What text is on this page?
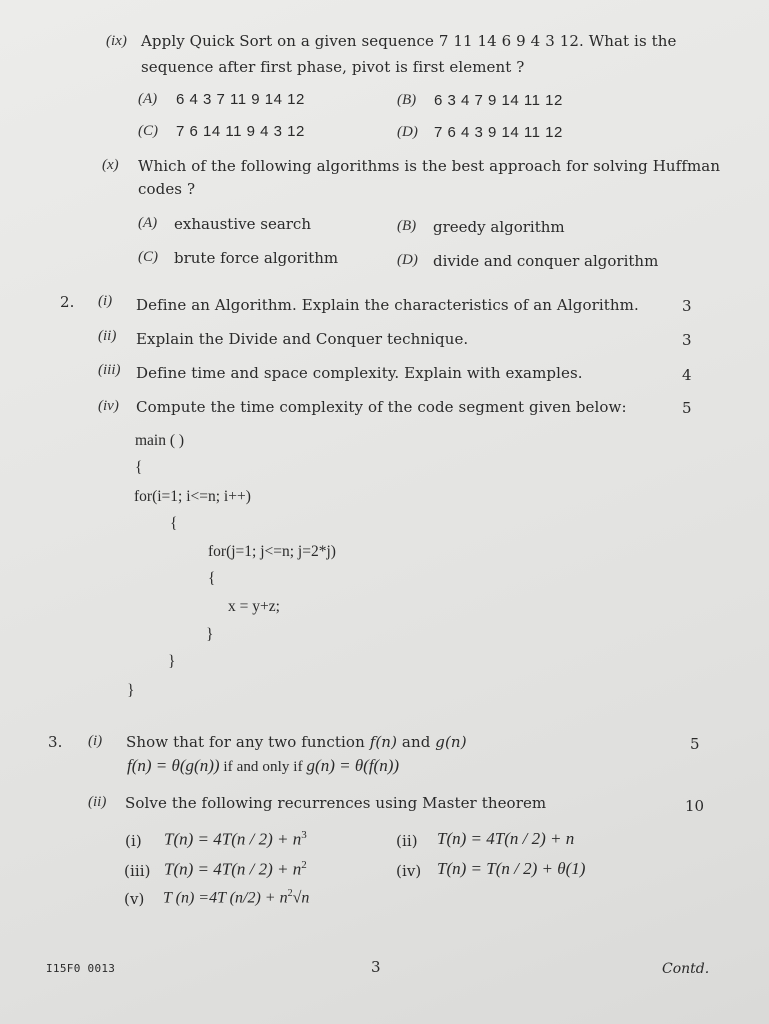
(ix) Apply Quick Sort on a given sequence 7 11 14 6 9 4 3 12. What is the
sequence after first phase, pivot is first element ?
(A) 6 4 3 7 11 9 14 12	(B) 6 3 4 7 9 14 11 12
(C) 7 6 14 11 9 4 3 12	(D) 7 6 4 3 9 14 11 12
(x) Which of the following algorithms is the best approach for solving Huffman
codes ?
(A) exhaustive search	(B) greedy algorithm
(C) brute force algorithm	(D) divide and conquer algorithm
2. (i) Define an Algorithm. Explain the characteristics of an Algorithm.	3
(ii) Explain the Divide and Conquer technique.	3
(iii) Define time and space complexity. Explain with examples.	4
(iv) Compute the time complexity of the code segment given below:	5
main ( )
{
for(i=1; i<=n; i++)
{
for(j=1; j<=n; j=2*j)
{
x = y+z;
}
}
}
3. (i) Show that for any two function f(n) and g(n)	5
f(n) = θ(g(n)) if and only if g(n) = θ(f(n))
(ii) Solve the following recurrences using Master theorem	10
(i) $T(n) = 4T(n / 2) + n^3$	(ii) T(n) = 4T(n / 2) + n
(iii) $T(n) = 4T(n / 2) + n^2$	(iv) T(n) = T(n / 2) + θ(1)
(v) T (n) =4T $(n/2) + n^2√n$
I15F0 0013	3	Contd.
